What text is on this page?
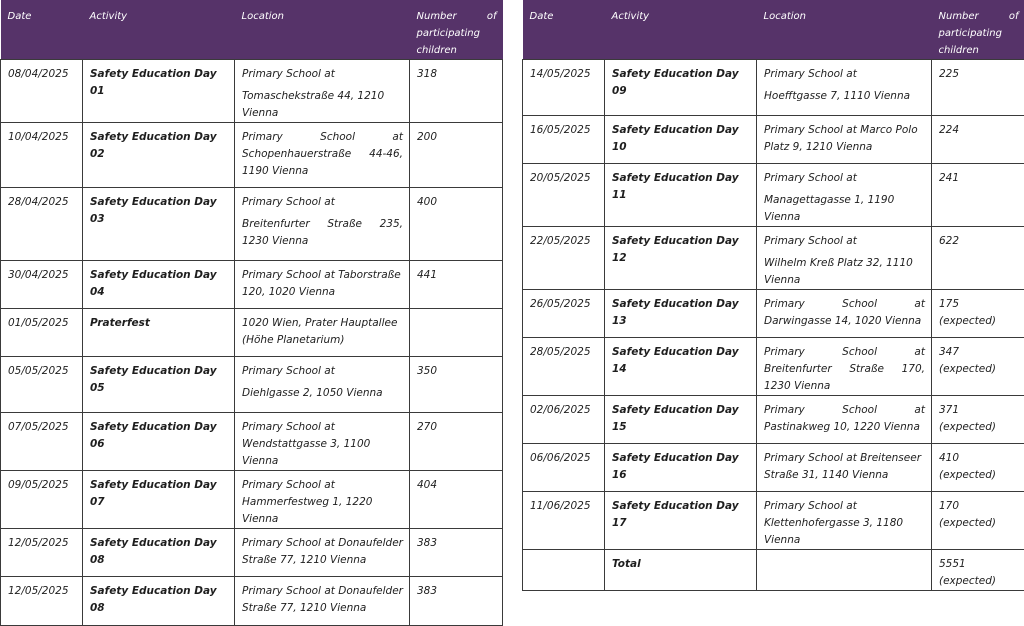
Date	Activity	Location	Number of participating children
08/04/2025	Safety Education Day 01	Primary School at
Tomaschekstraße 44, 1210 Vienna	318
10/04/2025	Safety Education Day 02	Primary School at Schopenhauerstraße 44-46, 1190 Vienna	200
28/04/2025	Safety Education Day 03	Primary School at
Breitenfurter Straße 235, 1230 Vienna	400
30/04/2025	Safety Education Day 04	Primary School at Taborstraße 120, 1020 Vienna	441
01/05/2025	Praterfest	1020 Wien, Prater Hauptallee (Höhe Planetarium)	
05/05/2025	Safety Education Day 05	Primary School at
Diehlgasse 2, 1050 Vienna	350
07/05/2025	Safety Education Day 06	Primary School at Wendstattgasse 3, 1100 Vienna	270
09/05/2025	Safety Education Day 07	Primary School at Hammerfestweg 1, 1220 Vienna	404
12/05/2025	Safety Education Day 08	Primary School at Donaufelder Straße 77, 1210 Vienna	383
12/05/2025	Safety Education Day 08	Primary School at Donaufelder Straße 77, 1210 Vienna	383
Date	Activity	Location	Number of participating children
14/05/2025	Safety Education Day 09	Primary School at
Hoefftgasse 7, 1110 Vienna	225
16/05/2025	Safety Education Day 10	Primary School at Marco Polo Platz 9, 1210 Vienna	224
20/05/2025	Safety Education Day 11	Primary School at
Managettagasse 1, 1190 Vienna	241
22/05/2025	Safety Education Day 12	Primary School at
Wilhelm Kreß Platz 32, 1110 Vienna	622
26/05/2025	Safety Education Day 13	Primary School at Darwingasse 14, 1020 Vienna	175 (expected)
28/05/2025	Safety Education Day 14	Primary School at Breitenfurter Straße 170, 1230 Vienna	347 (expected)
02/06/2025	Safety Education Day 15	Primary School at Pastinakweg 10, 1220 Vienna	371 (expected)
06/06/2025	Safety Education Day 16	Primary School at Breitenseer Straße 31, 1140 Vienna	410 (expected)
11/06/2025	Safety Education Day 17	Primary School at Klettenhofergasse 3, 1180 Vienna	170 (expected)
	Total		5551 (expected)
